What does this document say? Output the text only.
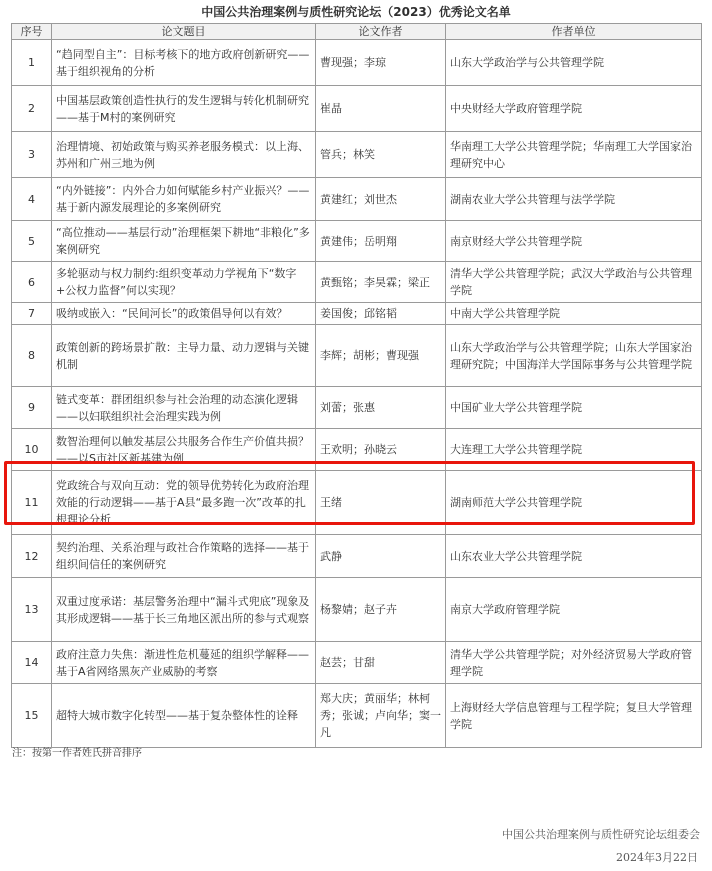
中国公共治理案例与质性研究论坛（2023）优秀论文名单
序号	论文题目	论文作者	作者单位
1	“趋同型自主”：目标考核下的地方政府创新研究——基于组织视角的分析	曹现强；李琼	山东大学政治学与公共管理学院
2	中国基层政策创造性执行的发生逻辑与转化机制研究——基于M村的案例研究	崔晶	中央财经大学政府管理学院
3	治理情境、初始政策与购买养老服务模式：以上海、苏州和广州三地为例	管兵；林笑	华南理工大学公共管理学院；华南理工大学国家治理研究中心
4	“内外链接”：内外合力如何赋能乡村产业振兴？——基于新内源发展理论的多案例研究	黄建红；刘世杰	湖南农业大学公共管理与法学学院
5	“高位推动——基层行动”治理框架下耕地“非粮化”多案例研究	黄建伟；岳明翔	南京财经大学公共管理学院
6	多轮驱动与权力制约:组织变革动力学视角下“数字+公权力监督”何以实现？	黄甄铭；李昊霖；梁正	清华大学公共管理学院；武汉大学政治与公共管理学院
7	吸纳或嵌入：“民间河长”的政策倡导何以有效？	姜国俊；邱铭韬	中南大学公共管理学院
8	政策创新的跨场景扩散：主导力量、动力逻辑与关键机制	李辉；胡彬；曹现强	山东大学政治学与公共管理学院；山东大学国家治理研究院；中国海洋大学国际事务与公共管理学院
9	链式变革：群团组织参与社会治理的动态演化逻辑——以妇联组织社会治理实践为例	刘蕾；张惠	中国矿业大学公共管理学院
10	数智治理何以触发基层公共服务合作生产价值共损？——以S市社区新基建为例	王欢明；孙晓云	大连理工大学公共管理学院
11	党政统合与双向互动：党的领导优势转化为政府治理效能的行动逻辑——基于A县“最多跑一次”改革的扎根理论分析	王绪	湖南师范大学公共管理学院
12	契约治理、关系治理与政社合作策略的选择——基于组织间信任的案例研究	武静	山东农业大学公共管理学院
13	双重过度承诺：基层警务治理中“漏斗式兜底”现象及其形成逻辑——基于长三角地区派出所的参与式观察	杨黎婧；赵子卉	南京大学政府管理学院
14	政府注意力失焦：渐进性危机蔓延的组织学解释——基于A省网络黑灰产业威胁的考察	赵芸；甘甜	清华大学公共管理学院；对外经济贸易大学政府管理学院
15	超特大城市数字化转型——基于复杂整体性的诠释	郑大庆；黄丽华；林柯秀；张诚；卢向华；窦一凡	上海财经大学信息管理与工程学院；复旦大学管理学院
注：按第一作者姓氏拼音排序
中国公共治理案例与质性研究论坛组委会
2024年3月22日
